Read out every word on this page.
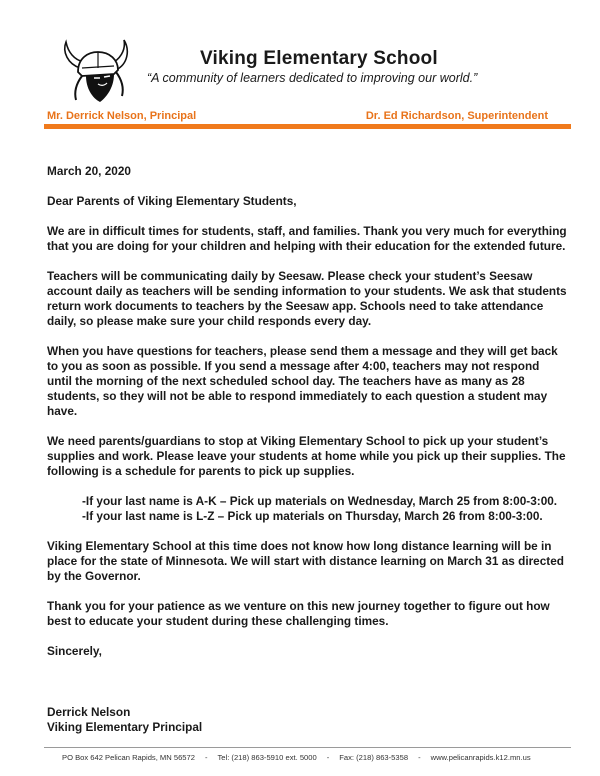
Viking Elementary School
“A community of learners dedicated to improving our world.”
Mr. Derrick Nelson, Principal	Dr. Ed Richardson, Superintendent

March 20, 2020

Dear Parents of Viking Elementary Students,

We are in difficult times for students, staff, and families. Thank you very much for everything that you are doing for your children and helping with their education for the extended future.

Teachers will be communicating daily by Seesaw. Please check your student’s Seesaw account daily as teachers will be sending information to your students. We ask that students return work documents to teachers by the Seesaw app. Schools need to take attendance daily, so please make sure your child responds every day.

When you have questions for teachers, please send them a message and they will get back to you as soon as possible. If you send a message after 4:00, teachers may not respond until the morning of the next scheduled school day. The teachers have as many as 28 students, so they will not be able to respond immediately to each question a student may have.

We need parents/guardians to stop at Viking Elementary School to pick up your student’s supplies and work. Please leave your students at home while you pick up their supplies. The following is a schedule for parents to pick up supplies.

-If your last name is A-K – Pick up materials on Wednesday, March 25 from 8:00-3:00.
-If your last name is L-Z – Pick up materials on Thursday, March 26 from 8:00-3:00.

Viking Elementary School at this time does not know how long distance learning will be in place for the state of Minnesota. We will start with distance learning on March 31 as directed by the Governor.

Thank you for your patience as we venture on this new journey together to figure out how best to educate your student during these challenging times.

Sincerely,

Derrick Nelson
Viking Elementary Principal
PO Box 642 Pelican Rapids, MN 56572 - Tel: (218) 863-5910 ext. 5000 - Fax: (218) 863-5358 - www.pelicanrapids.k12.mn.us
